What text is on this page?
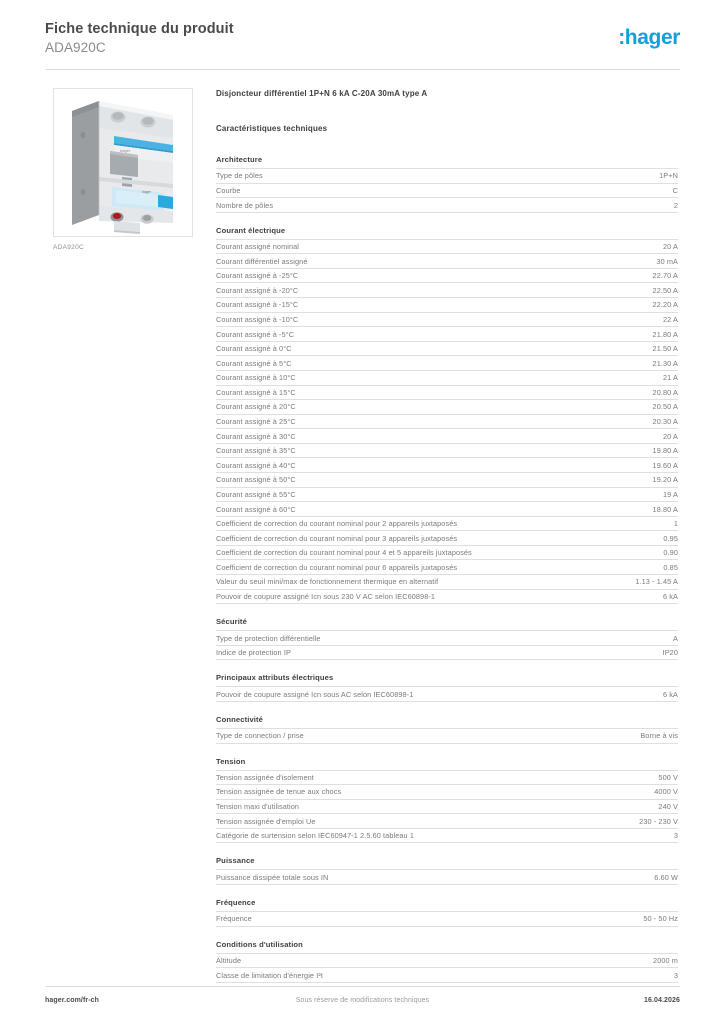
Fiche technique du produit
ADA920C	:hager
hager
hager
ADA920C
Disjoncteur différentiel 1P+N 6 kA C-20A 30mA type A
Caractéristiques techniques
Architecture
Type de pôles	1P+N
Courbe	C
Nombre de pôles	2
Courant électrique
Courant assigné nominal	20 A
Courant différentiel assigné	30 mA
Courant assigné à -25°C	22.70 A
Courant assigné à -20°C	22.50 A
Courant assigné à -15°C	22.20 A
Courant assigné à -10°C	22 A
Courant assigné à -5°C	21.80 A
Courant assigné à 0°C	21.50 A
Courant assigné à 5°C	21.30 A
Courant assigné à 10°C	21 A
Courant assigné à 15°C	20.80 A
Courant assigné à 20°C	20.50 A
Courant assigné à 25°C	20.30 A
Courant assigné à 30°C	20 A
Courant assigné à 35°C	19.80 A
Courant assigné à 40°C	19.60 A
Courant assigné à 50°C	19.20 A
Courant assigné à 55°C	19 A
Courant assigné à 60°C	18.80 A
Coefficient de correction du courant nominal pour 2 appareils juxtaposés	1
Coefficient de correction du courant nominal pour 3 appareils juxtaposés	0.95
Coefficient de correction du courant nominal pour 4 et 5 appareils juxtaposés	0.90
Coefficient de correction du courant nominal pour 6 appareils juxtaposés	0.85
Valeur du seuil mini/max de fonctionnement thermique en alternatif	1.13 - 1.45 A
Pouvoir de coupure assigné Icn sous 230 V AC selon IEC60898-1	6 kA
Sécurité
Type de protection différentielle	A
Indice de protection IP	IP20
Principaux attributs électriques
Pouvoir de coupure assigné Icn sous AC selon IEC60898-1	6 kA
Connectivité
Type de connection / prise	Borne à vis
Tension
Tension assignée d'isolement	500 V
Tension assignée de tenue aux chocs	4000 V
Tension maxi d'utilisation	240 V
Tension assignée d'emploi Ue	230 - 230 V
Catégorie de surtension selon IEC60947-1 2.5.60 tableau 1	3
Puissance
Puissance dissipée totale sous IN	6.60 W
Fréquence
Fréquence	50 - 50 Hz
Conditions d'utilisation
Altitude	2000 m
Classe de limitation d'énergie I²t	3
hager.com/fr-ch	Sous réserve de modifications techniques	16.04.2026
